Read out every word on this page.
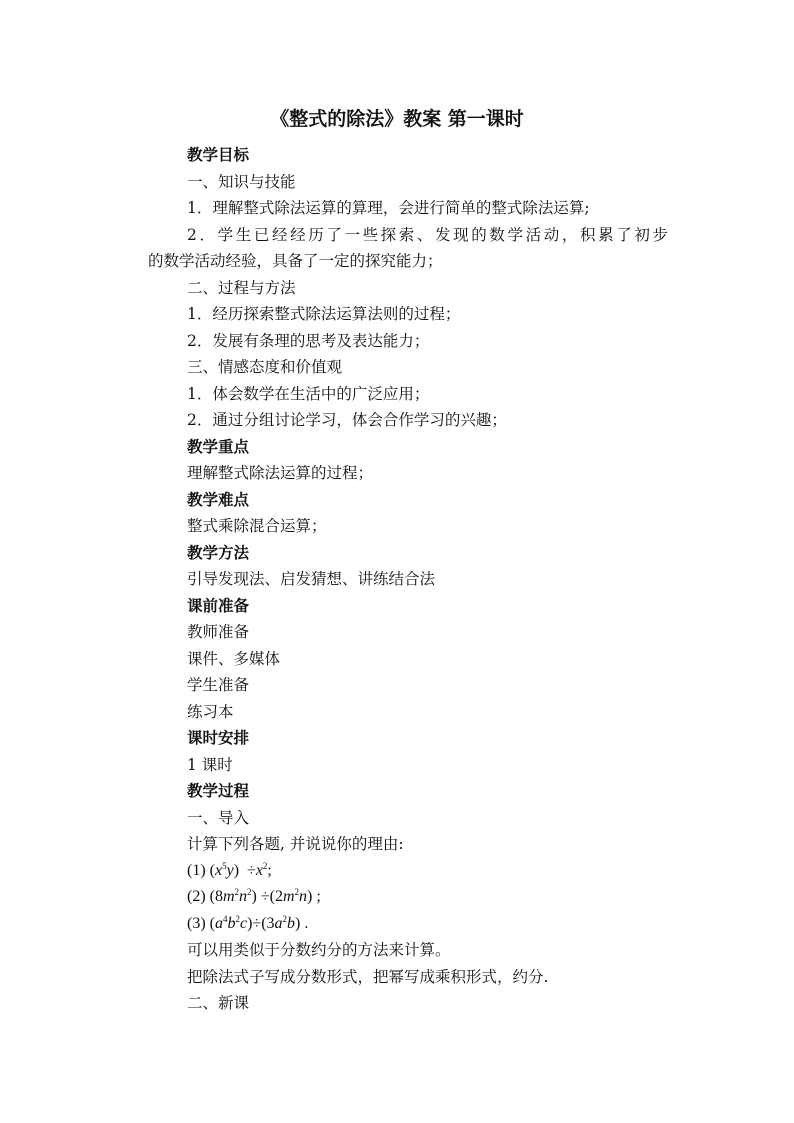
《整式的除法》教案 第一课时
教学目标
一、知识与技能
1．理解整式除法运算的算理，会进行简单的整式除法运算;
2．学生已经经历了一些探索、发现的数学活动，积累了初步
的数学活动经验，具备了一定的探究能力；
二、过程与方法
1．经历探索整式除法运算法则的过程；
2．发展有条理的思考及表达能力；
三、情感态度和价值观
1．体会数学在生活中的广泛应用；
2．通过分组讨论学习，体会合作学习的兴趣；
教学重点
理解整式除法运算的过程；
教学难点
整式乘除混合运算；
教学方法
引导发现法、启发猜想、讲练结合法
课前准备
教师准备
课件、多媒体
学生准备
练习本
课时安排
1 课时
教学过程
一、导入
计算下列各题, 并说说你的理由:
(1) $(x^5y) \div x^2$;
(2) $(8m^2n^2) \div(2m^2n)$ ;
(3) $(a^4b^2c)\div(3a^2b)$ .
可以用类似于分数约分的方法来计算。
把除法式子写成分数形式，把幂写成乘积形式，约分.
二、新课
